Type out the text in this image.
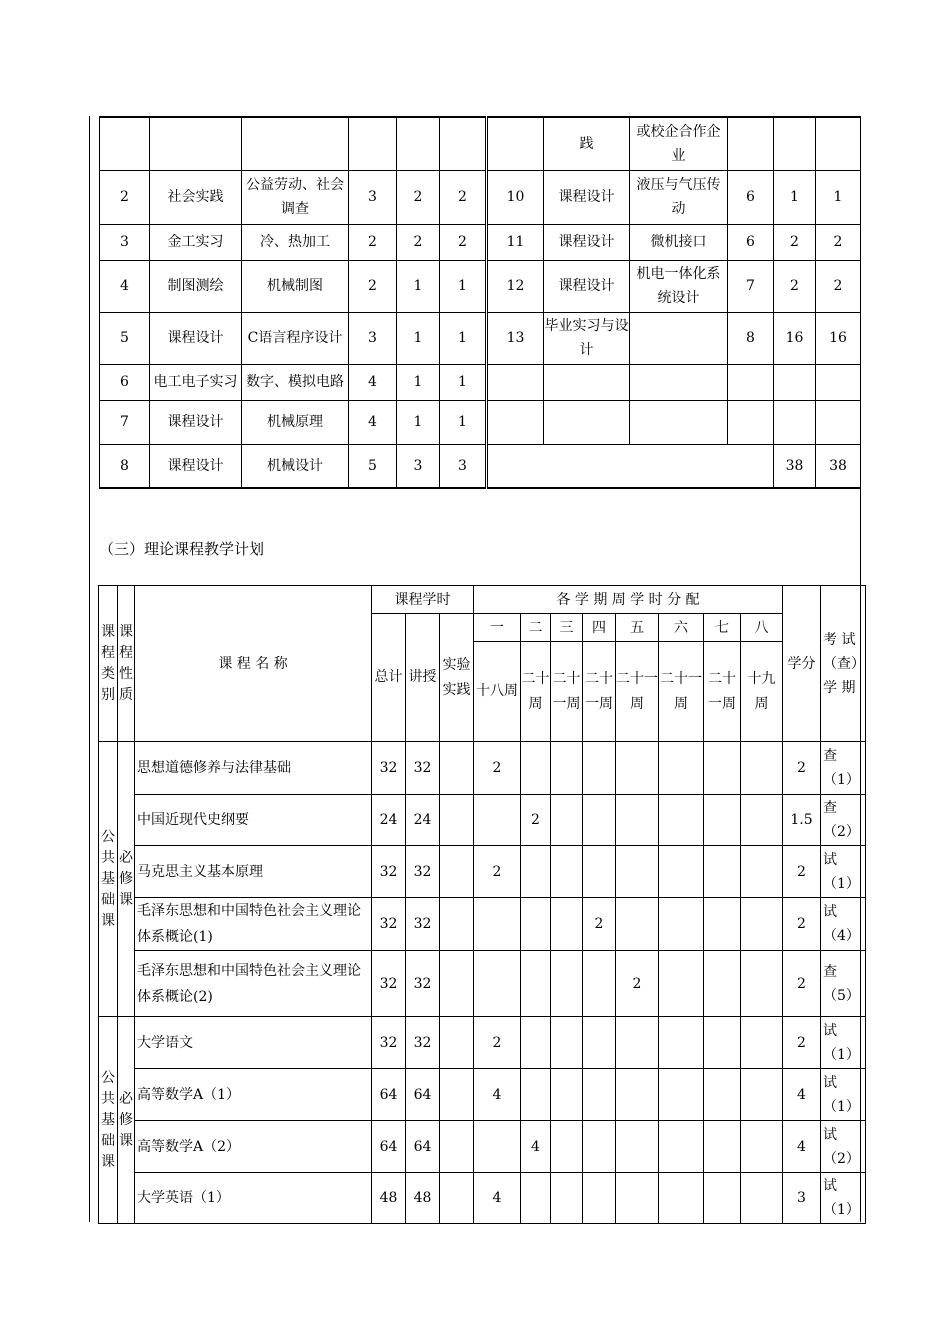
							践	或校企合作企业			
2	社会实践	公益劳动、社会调查	3	2	2	10	课程设计	液压与气压传动	6	1	1
3	金工实习	冷、热加工	2	2	2	11	课程设计	微机接口	6	2	2
4	制图测绘	机械制图	2	1	1	12	课程设计	机电一体化系统设计	7	2	2
5	课程设计	C语言程序设计	3	1	1	13	毕业实习与设计		8	16	16
6	电工电子实习	数字、模拟电路	4	1	1						
7	课程设计	机械原理	4	1	1						
8	课程设计	机械设计	5	3	3					38	38
（三）理论课程教学计划
课程类别	课程性质	课 程 名 称	课程学时			各 学 期 周 学 时 分 配								学分	考 试（查）学 期
			总计	讲授	实验实践	一	二	三	四	五	六	七	八		
						十八周	二十周	二十一周	二十一周	二十一周	二十一周	二十一周	十九周		
公共基础课	必修课	思想道德修养与法律基础	32	32		2								2	查（1）
		中国近现代史纲要	24	24			2							1.5	查（2）
		马克思主义基本原理	32	32		2								2	试（1）
		毛泽东思想和中国特色社会主义理论体系概论(1)	32	32					2					2	试（4）
		毛泽东思想和中国特色社会主义理论体系概论(2)	32	32						2				2	查（5）
公共基础课	必修课	大学语文	32	32		2								2	试（1）
		高等数学A（1）	64	64		4								4	试（1）
		高等数学A（2）	64	64			4							4	试（2）
		大学英语（1）	48	48		4								3	试（1）
